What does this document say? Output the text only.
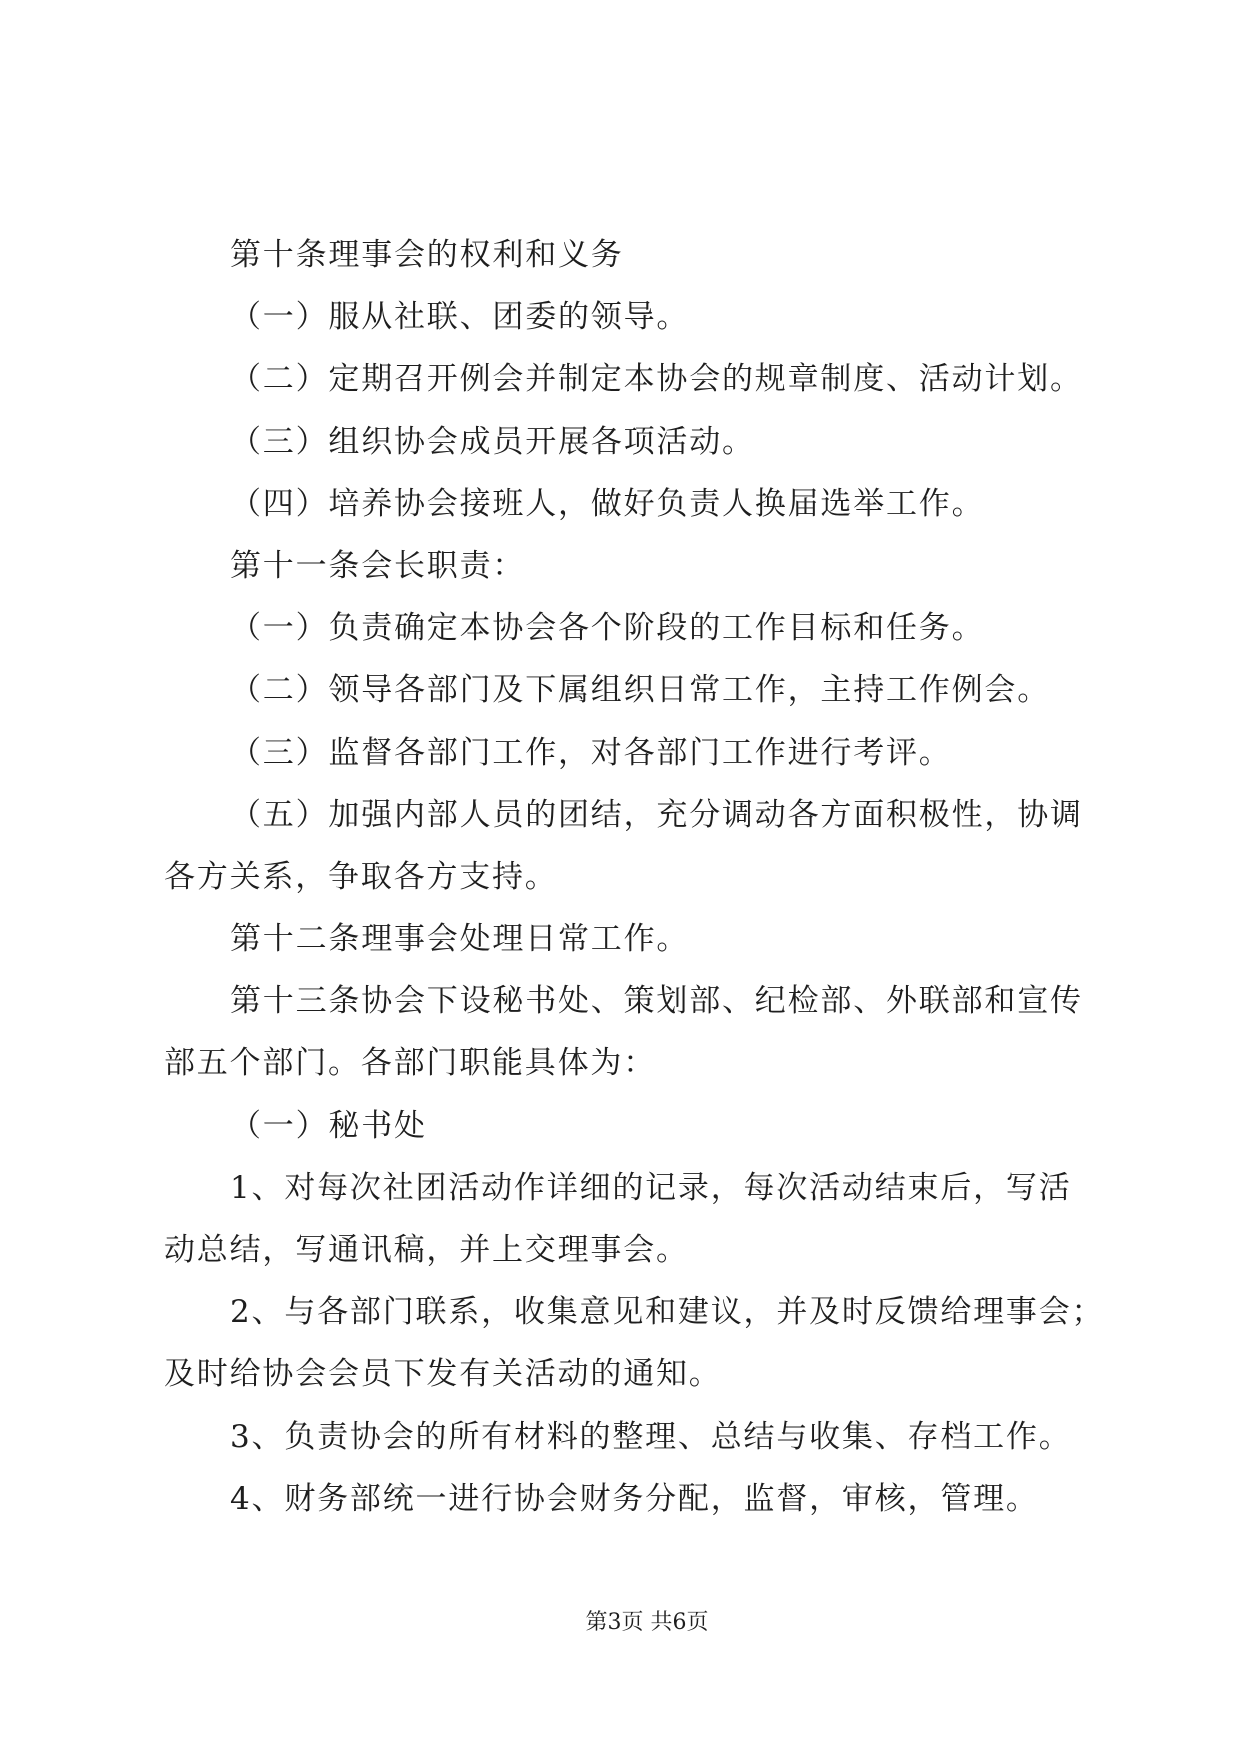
第十条理事会的权利和义务
（一）服从社联、团委的领导。
（二）定期召开例会并制定本协会的规章制度、活动计划。
（三）组织协会成员开展各项活动。
（四）培养协会接班人，做好负责人换届选举工作。
第十一条会长职责：
（一）负责确定本协会各个阶段的工作目标和任务。
（二）领导各部门及下属组织日常工作，主持工作例会。
（三）监督各部门工作，对各部门工作进行考评。
（五）加强内部人员的团结，充分调动各方面积极性，协调
各方关系，争取各方支持。
第十二条理事会处理日常工作。
第十三条协会下设秘书处、策划部、纪检部、外联部和宣传
部五个部门。各部门职能具体为：
（一）秘书处
1、对每次社团活动作详细的记录，每次活动结束后，写活
动总结，写通讯稿，并上交理事会。
2、与各部门联系，收集意见和建议，并及时反馈给理事会；
及时给协会会员下发有关活动的通知。
3、负责协会的所有材料的整理、总结与收集、存档工作。
4、财务部统一进行协会财务分配，监督，审核，管理。
第3页 共6页
